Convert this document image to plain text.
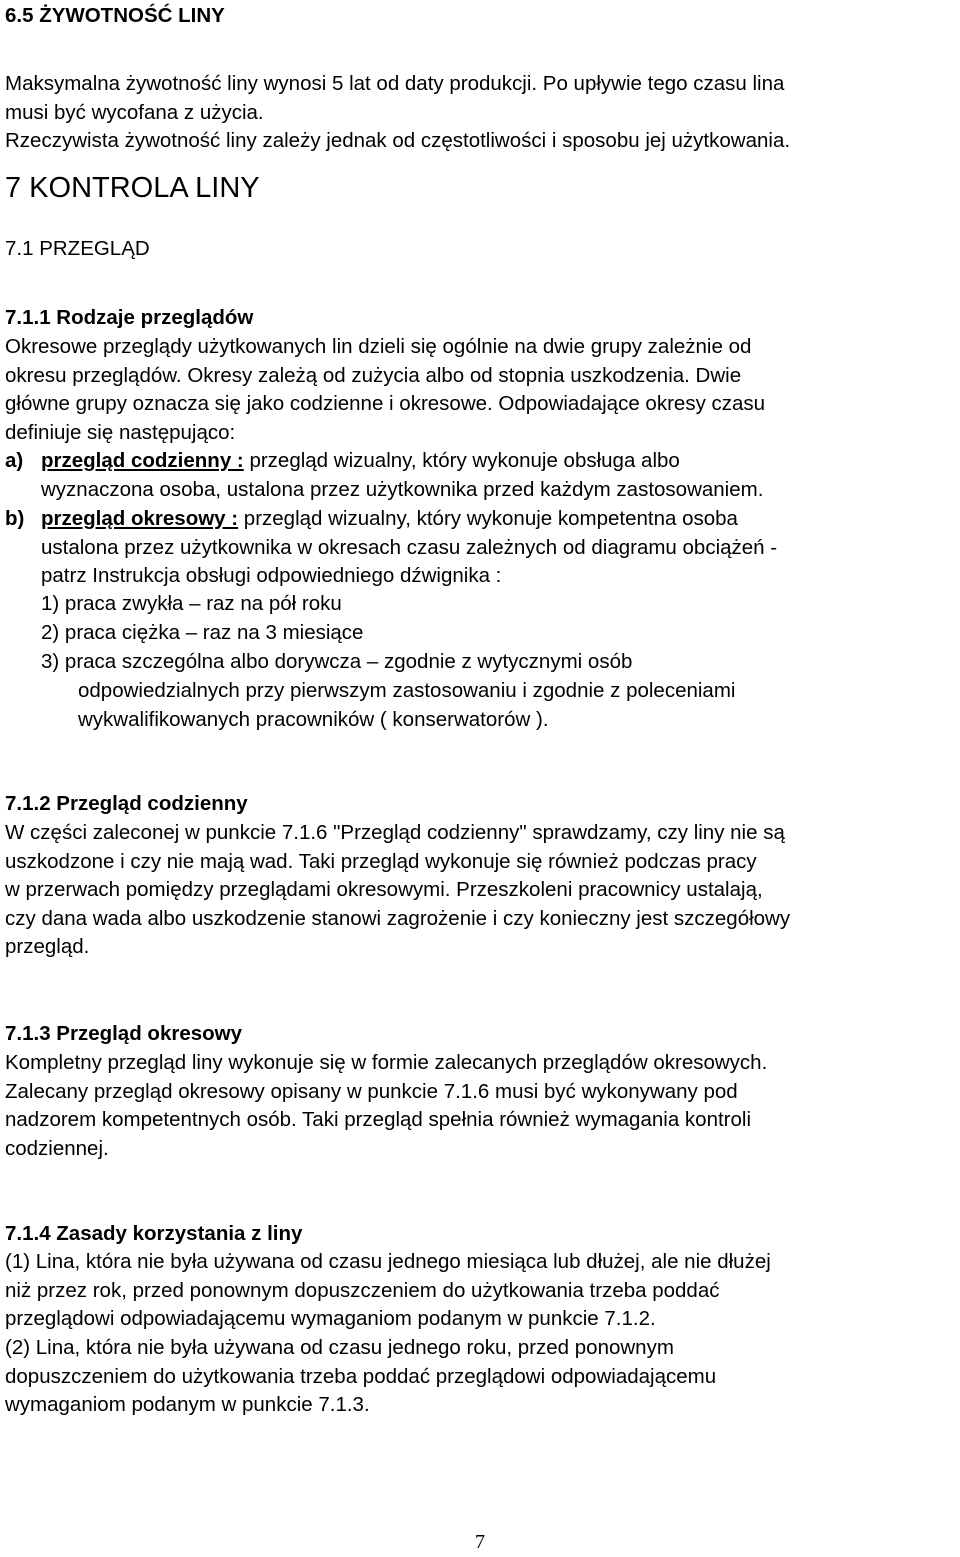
6.5 ŻYWOTNOŚĆ LINY
Maksymalna żywotność liny wynosi 5 lat od daty produkcji. Po upływie tego czasu lina
musi być wycofana z użycia.
Rzeczywista żywotność liny zależy jednak od częstotliwości i sposobu jej użytkowania.
7 KONTROLA LINY
7.1 PRZEGLĄD
7.1.1 Rodzaje przeglądów
Okresowe przeglądy użytkowanych lin dzieli się ogólnie na dwie grupy zależnie od
okresu przeglądów. Okresy zależą od zużycia albo od stopnia uszkodzenia. Dwie
główne grupy oznacza się jako codzienne i okresowe. Odpowiadające okresy czasu
definiuje się następująco:
a) przegląd codzienny : przegląd wizualny, który wykonuje obsługa albo
wyznaczona osoba, ustalona przez użytkownika przed każdym zastosowaniem.
b) przegląd okresowy : przegląd wizualny, który wykonuje kompetentna osoba
ustalona przez użytkownika w okresach czasu zależnych od diagramu obciążeń -
patrz Instrukcja obsługi odpowiedniego dźwignika :
1) praca zwykła – raz na pół roku
2) praca ciężka – raz na 3 miesiące
3) praca szczególna albo dorywcza – zgodnie z wytycznymi osób
odpowiedzialnych przy pierwszym zastosowaniu i zgodnie z poleceniami
wykwalifikowanych pracowników ( konserwatorów ).
7.1.2 Przegląd codzienny
W części zaleconej w punkcie 7.1.6 "Przegląd codzienny" sprawdzamy, czy liny nie są
uszkodzone i czy nie mają wad. Taki przegląd wykonuje się również podczas pracy
w przerwach pomiędzy przeglądami okresowymi. Przeszkoleni pracownicy ustalają,
czy dana wada albo uszkodzenie stanowi zagrożenie i czy konieczny jest szczegółowy
przegląd.
7.1.3 Przegląd okresowy
Kompletny przegląd liny wykonuje się w formie zalecanych przeglądów okresowych.
Zalecany przegląd okresowy opisany w punkcie 7.1.6 musi być wykonywany pod
nadzorem kompetentnych osób. Taki przegląd spełnia również wymagania kontroli
codziennej.
7.1.4 Zasady korzystania z liny
(1) Lina, która nie była używana od czasu jednego miesiąca lub dłużej, ale nie dłużej
niż przez rok, przed ponownym dopuszczeniem do użytkowania trzeba poddać
przeglądowi odpowiadającemu wymaganiom podanym w punkcie 7.1.2.
(2) Lina, która nie była używana od czasu jednego roku, przed ponownym
dopuszczeniem do użytkowania trzeba poddać przeglądowi odpowiadającemu
wymaganiom podanym w punkcie 7.1.3.
7
